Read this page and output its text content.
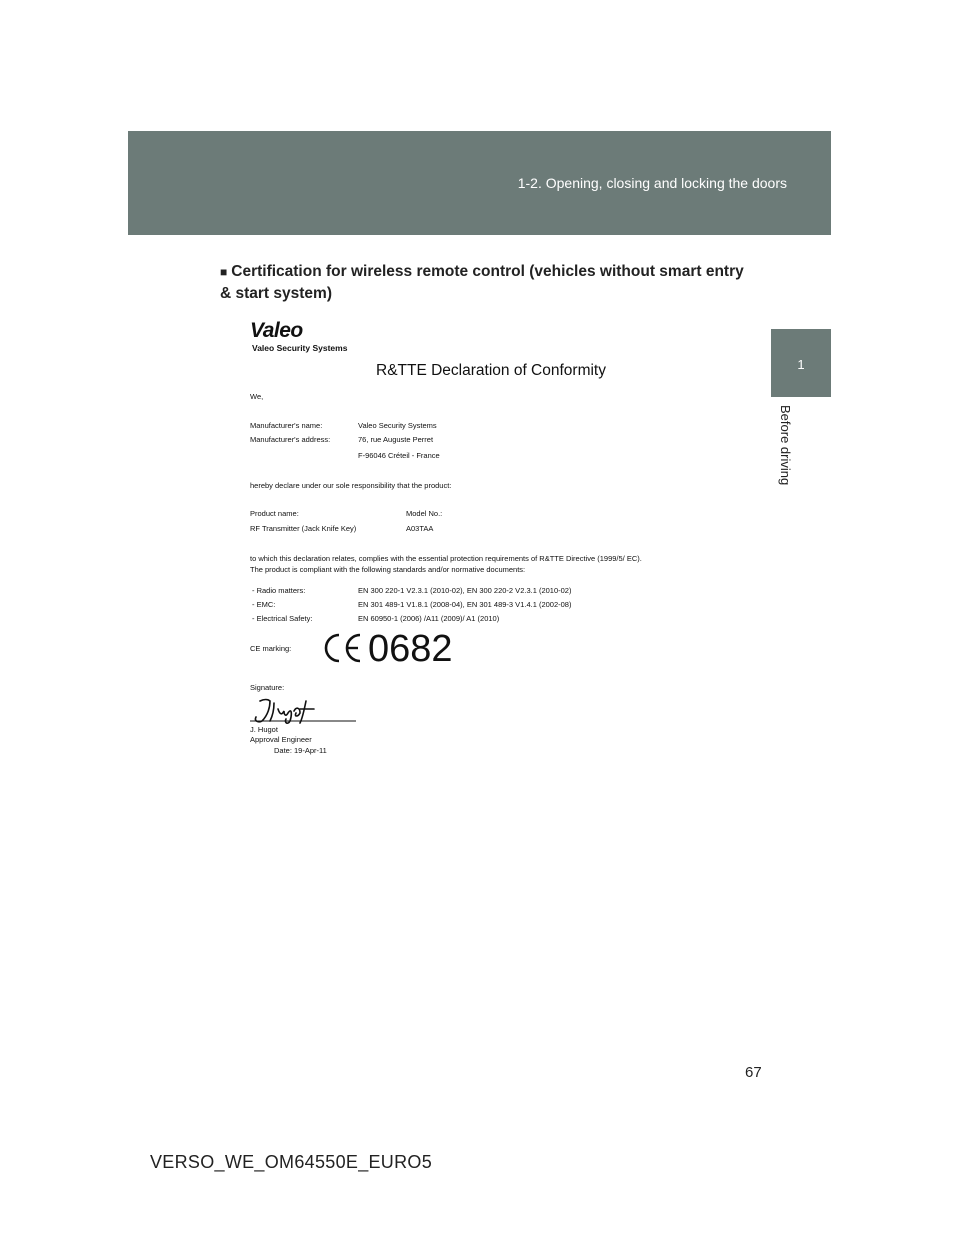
1-2. Opening, closing and locking the doors
1
Before driving
■ Certification for wireless remote control (vehicles without smart entry & start system)
Valeo
Valeo Security Systems
R&TTE Declaration of Conformity
We,
Manufacturer's name:	Valeo Security Systems
Manufacturer's address:	76, rue Auguste Perret
F-96046 Créteil - France
hereby declare under our sole responsibility that the product:
Product name:	Model No.:
RF Transmitter (Jack Knife Key)	A03TAA
to which this declaration relates, complies with the essential protection requirements of R&TTE Directive (1999/5/ EC).
The product is compliant with the following standards and/or normative documents:
- Radio matters:	EN 300 220-1 V2.3.1 (2010-02), EN 300 220-2 V2.3.1 (2010-02)
- EMC:	EN 301 489-1 V1.8.1 (2008-04), EN 301 489-3 V1.4.1 (2002-08)
- Electrical Safety:	EN 60950-1 (2006) /A11 (2009)/ A1 (2010)
CE marking: 0682
Signature:
J. Hugot
Approval Engineer
Date: 19-Apr-11
67
VERSO_WE_OM64550E_EURO5
